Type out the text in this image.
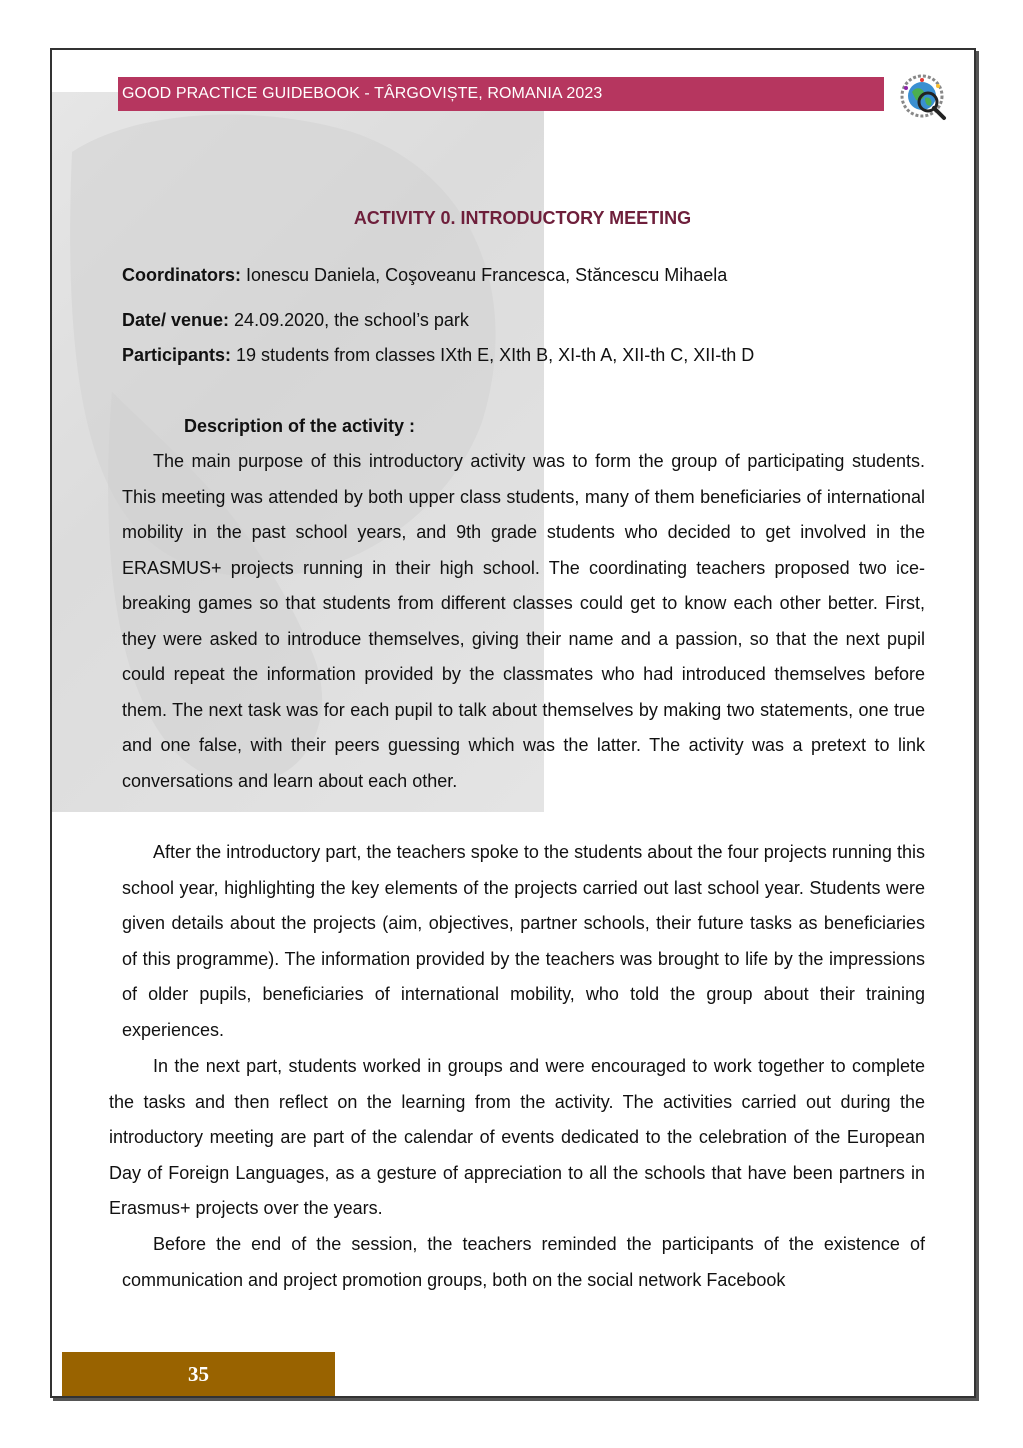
GOOD PRACTICE GUIDEBOOK - TÂRGOVIȘTE, ROMANIA 2023
ACTIVITY 0. INTRODUCTORY MEETING
Coordinators: Ionescu Daniela, Coşoveanu Francesca, Stăncescu Mihaela
Date/ venue: 24.09.2020, the school’s park
Participants: 19 students from classes IXth E, XIth B, XI-th A, XII-th C, XII-th D
Description of the activity :

The main purpose of this introductory activity was to form the group of participating students. This meeting was attended by both upper class students, many of them beneficiaries of international mobility in the past school years, and 9th grade students who decided to get involved in the ERASMUS+ projects running in their high school. The coordinating teachers proposed two ice-breaking games so that students from different classes could get to know each other better. First, they were asked to introduce themselves, giving their name and a passion, so that the next pupil could repeat the information provided by the classmates who had introduced themselves before them. The next task was for each pupil to talk about themselves by making two statements, one true and one false, with their peers guessing which was the latter. The activity was a pretext to link conversations and learn about each other.

After the introductory part, the teachers spoke to the students about the four projects running this school year, highlighting the key elements of the projects carried out last school year. Students were given details about the projects (aim, objectives, partner schools, their future tasks as beneficiaries of this programme). The information provided by the teachers was brought to life by the impressions of older pupils, beneficiaries of international mobility, who told the group about their training experiences.

In the next part, students worked in groups and were encouraged to work together to complete the tasks and then reflect on the learning from the activity. The activities carried out during the introductory meeting are part of the calendar of events dedicated to the celebration of the European Day of Foreign Languages, as a gesture of appreciation to all the schools that have been partners in Erasmus+ projects over the years.

Before the end of the session, the teachers reminded the participants of the existence of communication and project promotion groups, both on the social network Facebook

35
